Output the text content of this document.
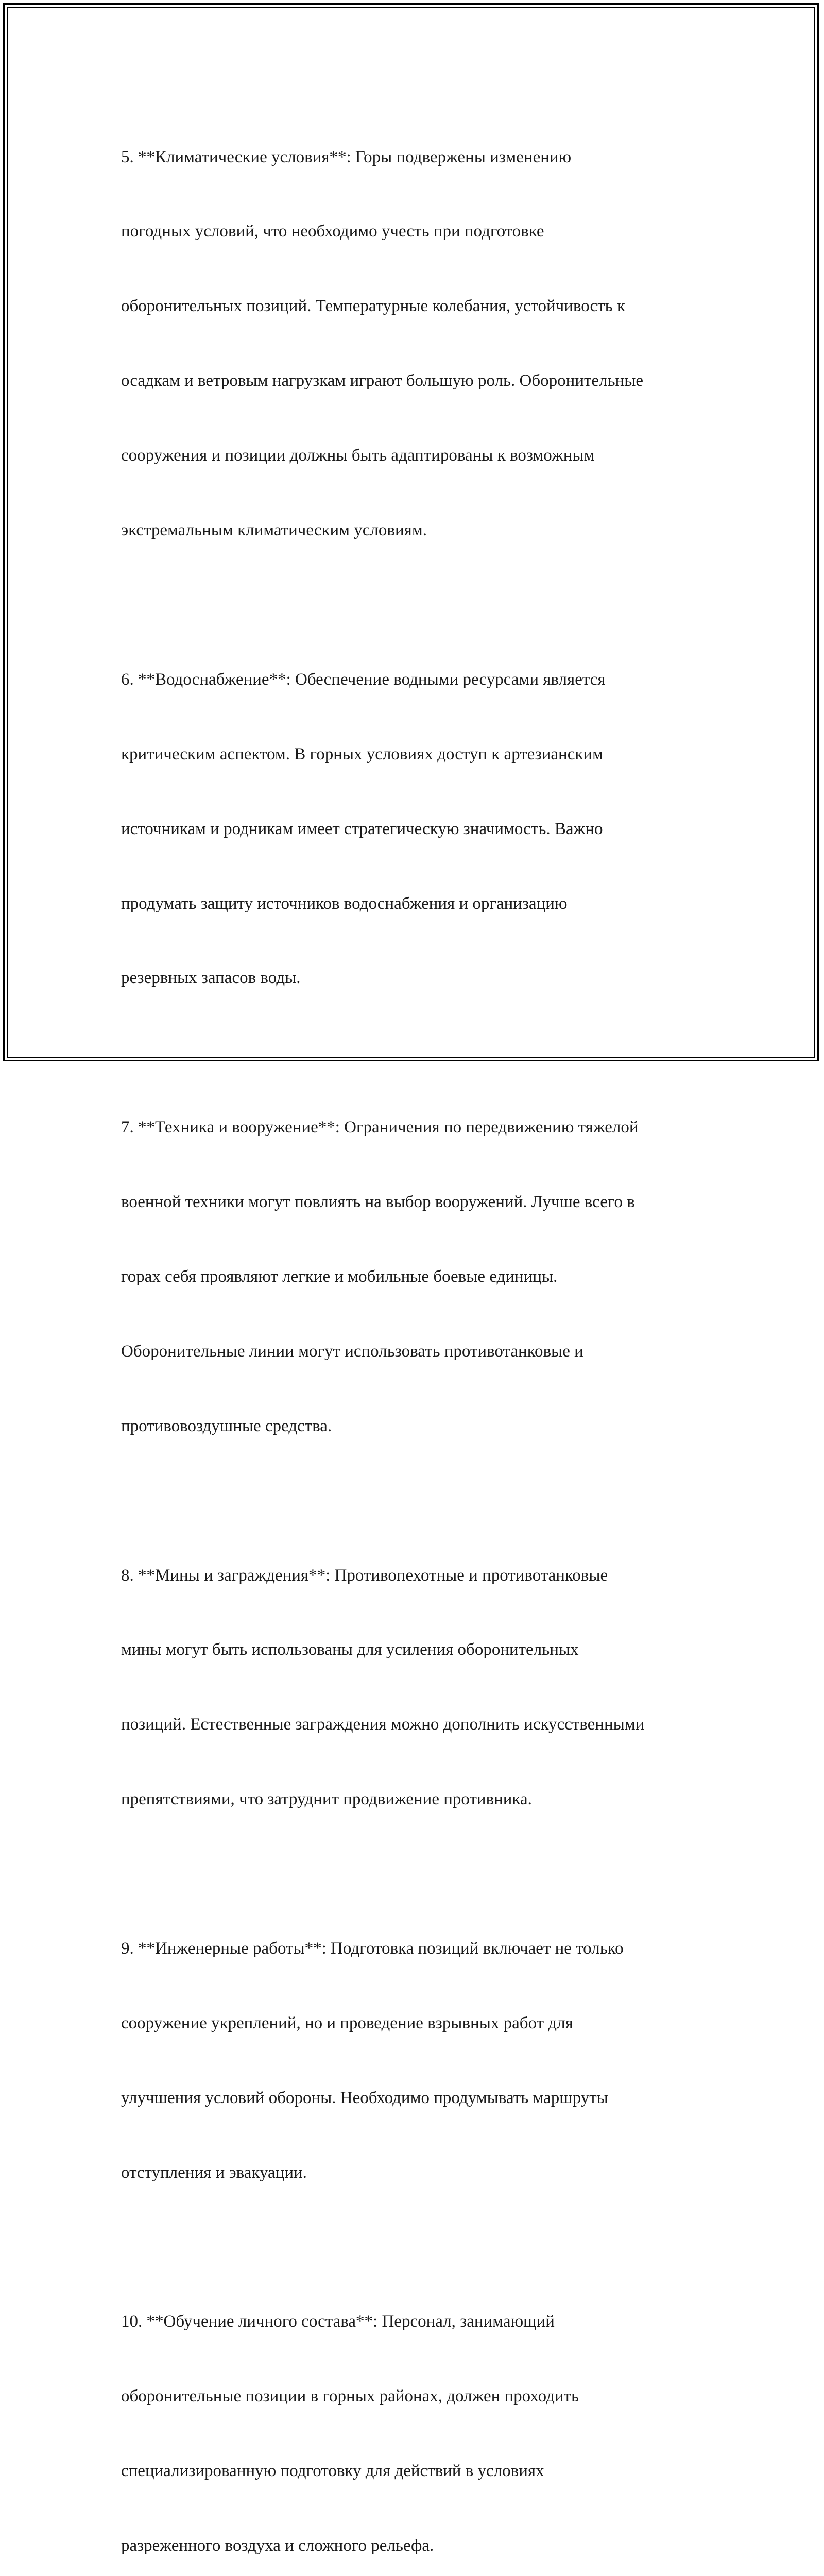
5. **Климатические условия**: Горы подвержены изменению

погодных условий, что необходимо учесть при подготовке

оборонительных позиций. Температурные колебания, устойчивость к

осадкам и ветровым нагрузкам играют большую роль. Оборонительные

сооружения и позиции должны быть адаптированы к возможным

экстремальным климатическим условиям.

6. **Водоснабжение**: Обеспечение водными ресурсами является

критическим аспектом. В горных условиях доступ к артезианским

источникам и родникам имеет стратегическую значимость. Важно

продумать защиту источников водоснабжения и организацию

резервных запасов воды.

7. **Техника и вооружение**: Ограничения по передвижению тяжелой

военной техники могут повлиять на выбор вооружений. Лучше всего в

горах себя проявляют легкие и мобильные боевые единицы.

Оборонительные линии могут использовать противотанковые и

противовоздушные средства.

8. **Мины и заграждения**: Противопехотные и противотанковые

мины могут быть использованы для усиления оборонительных

позиций. Естественные заграждения можно дополнить искусственными

препятствиями, что затруднит продвижение противника.

9. **Инженерные работы**: Подготовка позиций включает не только

сооружение укреплений, но и проведение взрывных работ для

улучшения условий обороны. Необходимо продумывать маршруты

отступления и эвакуации.

10. **Обучение личного состава**: Персонал, занимающий

оборонительные позиции в горных районах, должен проходить

специализированную подготовку для действий в условиях

разреженного воздуха и сложного рельефа.
